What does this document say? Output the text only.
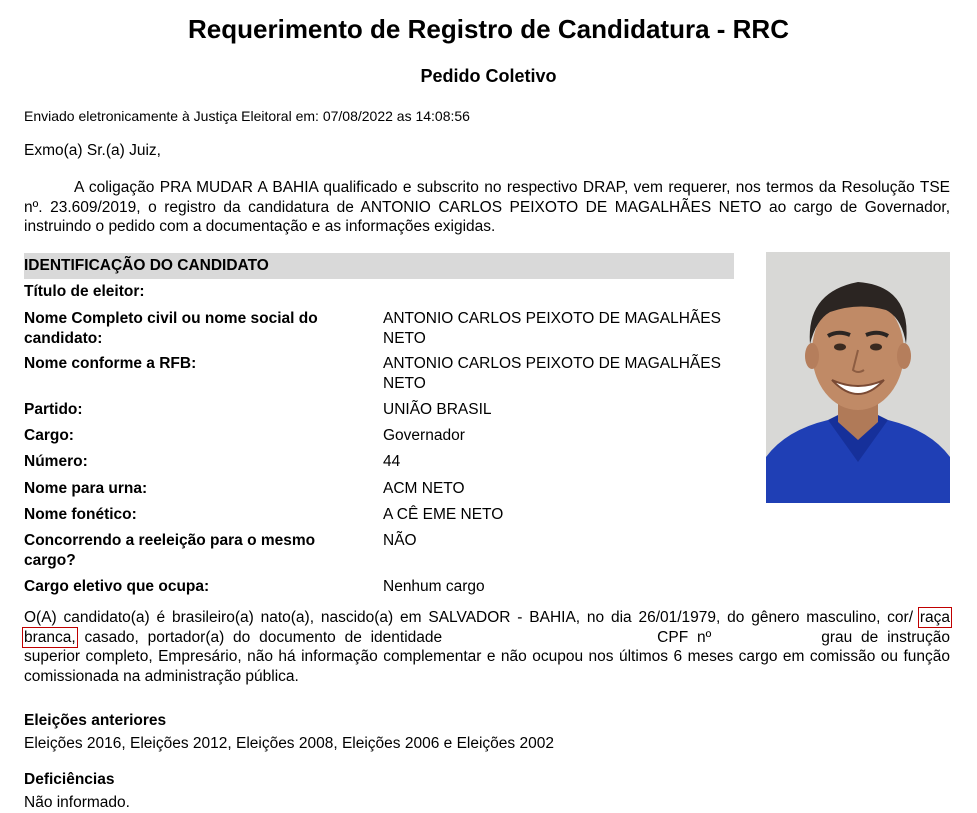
Requerimento de Registro de Candidatura - RRC
Pedido Coletivo
Enviado eletronicamente à Justiça Eleitoral em: 07/08/2022 as 14:08:56
Exmo(a) Sr.(a) Juiz,

A coligação PRA MUDAR A BAHIA qualificado e subscrito no respectivo DRAP, vem requerer, nos termos da Resolução TSE nº. 23.609/2019, o registro da candidatura de ANTONIO CARLOS PEIXOTO DE MAGALHÃES NETO ao cargo de Governador, instruindo o pedido com a documentação e as informações exigidas.

IDENTIFICAÇÃO DO CANDIDATO
Título de eleitor:
Nome Completo civil ou nome social do candidato:
ANTONIO CARLOS PEIXOTO DE MAGALHÃES NETO
Nome conforme a RFB:	ANTONIO CARLOS PEIXOTO DE MAGALHÃES NETO
Partido:	UNIÃO BRASIL
Cargo:	Governador
Número:	44
Nome para urna:	ACM NETO
Nome fonético:	A CÊ EME NETO
Concorrendo a reeleição para o mesmo cargo?
NÃO
Cargo eletivo que ocupa:	Nenhum cargo

O(A) candidato(a) é brasileiro(a) nato(a), nascido(a) em SALVADOR - BAHIA, no dia 26/01/1979, do gênero masculino, cor/ raça branca, casado, portador(a) do documento de identidade	CPF nº	grau de instrução superior completo, Empresário, não há informação complementar e não ocupou nos últimos 6 meses cargo em comissão ou função comissionada na administração pública.

Eleições anteriores
Eleições 2016, Eleições 2012, Eleições 2008, Eleições 2006 e Eleições 2002
Deficiências
Não informado.
